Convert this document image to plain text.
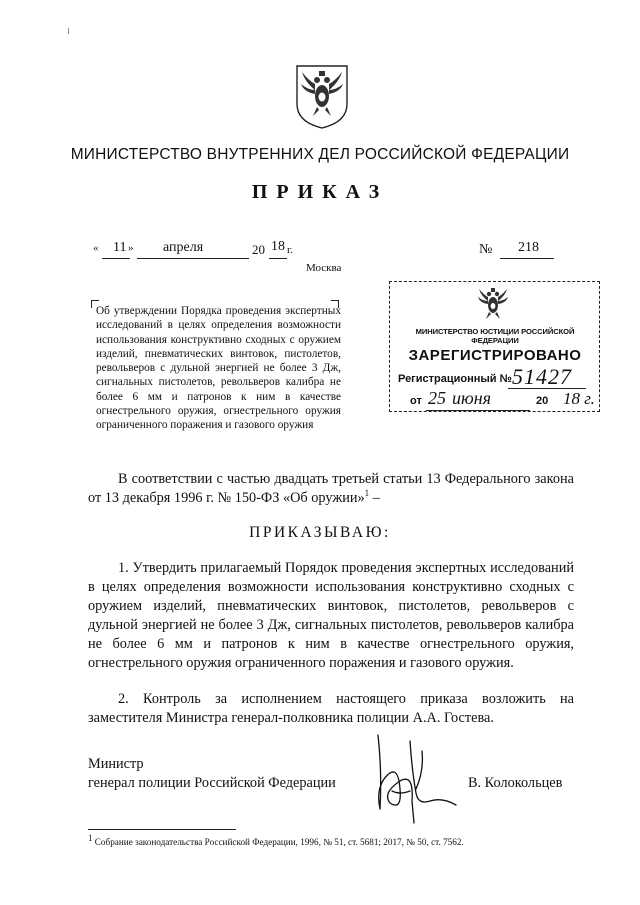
МИНИСТЕРСТВО ВНУТРЕННИХ ДЕЛ РОССИЙСКОЙ ФЕДЕРАЦИИ
ПРИКАЗ
« 11 » апреля	20 18 г.	№ 218
Москва
Об утверждении Порядка проведения экспертных исследований в целях определения возможности использования конструктивно сходных с оружием изделий, пневматических винтовок, пистолетов, револьверов с дульной энергией не более 3 Дж, сигнальных пистолетов, револьверов калибра не более 6 мм и патронов к ним в качестве огнестрельного оружия, огнестрельного оружия ограниченного поражения и газового оружия
МИНИСТЕРСТВО ЮСТИЦИИ РОССИЙСКОЙ ФЕДЕРАЦИИ
ЗАРЕГИСТРИРОВАНО
Регистрационный № 51427
от 25 июня	20 18 г.

В соответствии с частью двадцать третьей статьи 13 Федерального закона от 13 декабря 1996 г. № 150-ФЗ «Об оружии»$^1$ –

ПРИКАЗЫВАЮ:

1. Утвердить прилагаемый Порядок проведения экспертных исследований в целях определения возможности использования конструктивно сходных с оружием изделий, пневматических винтовок, пистолетов, револьверов с дульной энергией не более 3 Дж, сигнальных пистолетов, револьверов калибра не более 6 мм и патронов к ним в качестве огнестрельного оружия, огнестрельного оружия ограниченного поражения и газового оружия.

2. Контроль за исполнением настоящего приказа возложить на заместителя Министра генерал-полковника полиции А.А. Гостева.

Министр
генерал полиции Российской Федерации	В. Колокольцев
$^1$ Собрание законодательства Российской Федерации, 1996, № 51, ст. 5681; 2017, № 50, ст. 7562.
